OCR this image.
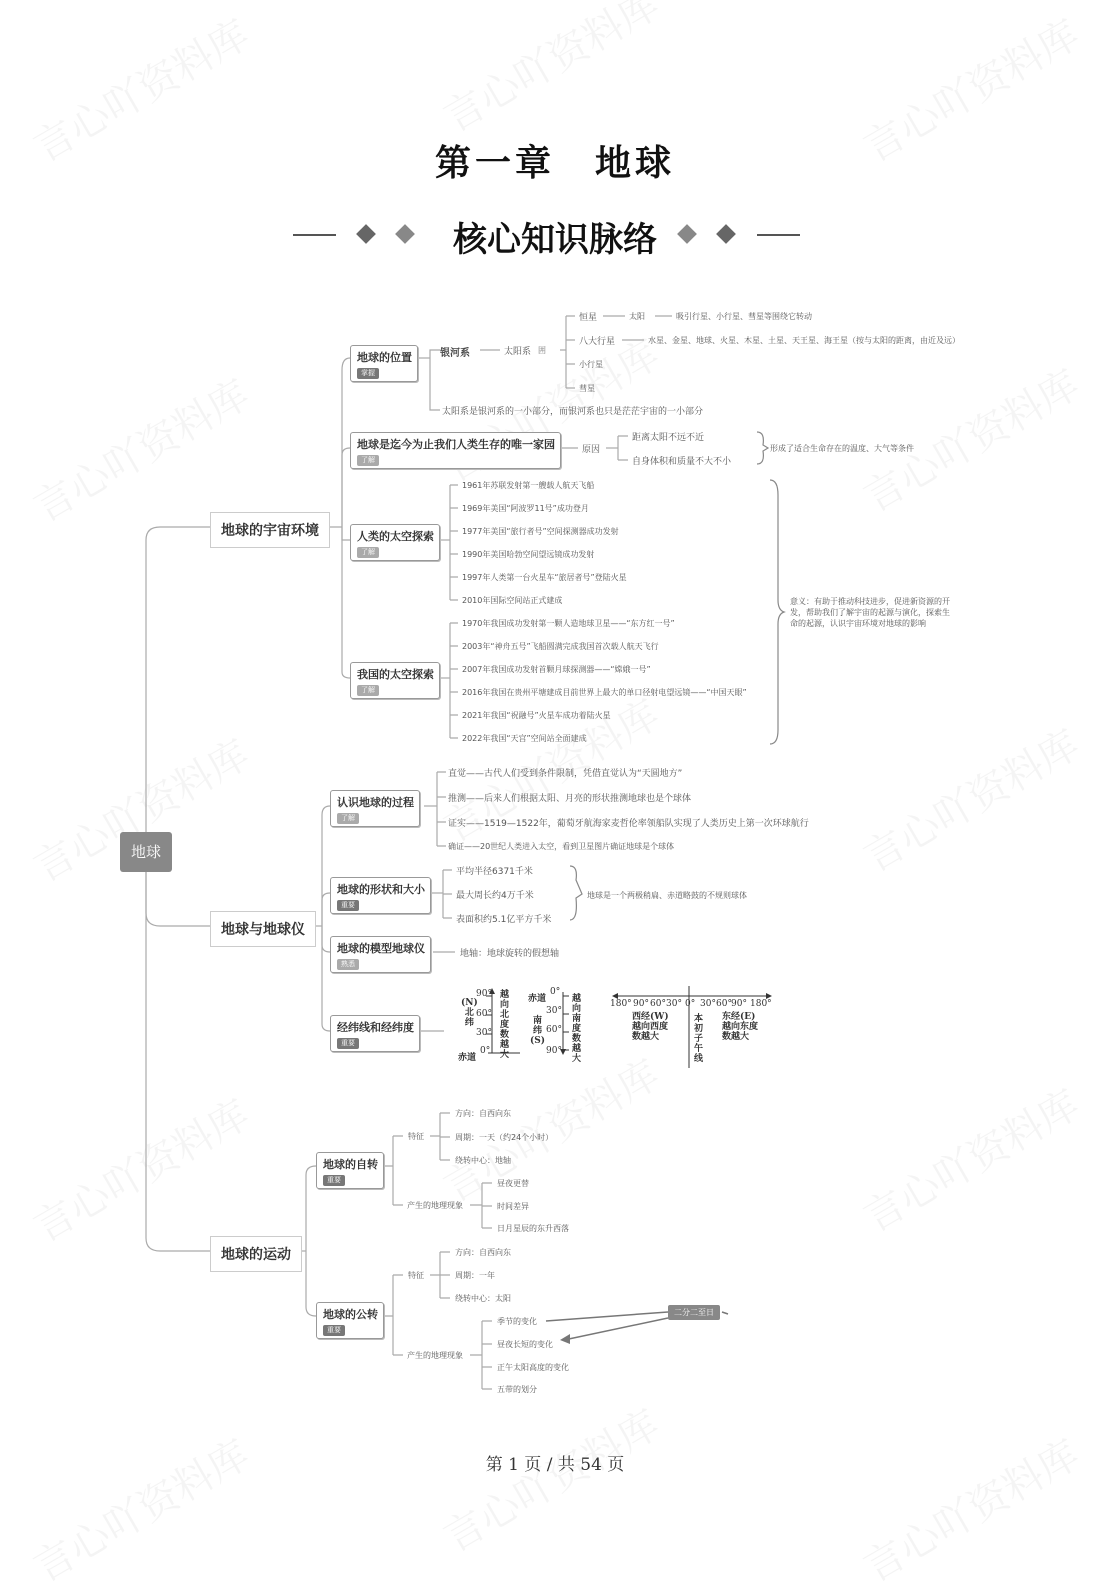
第一章　地球
核心知识脉络
地球
地球的宇宙环境
地球与地球仪
地球的运动
地球的位置
掌握
银河系	太阳系 囲
恒星	太阳	吸引行星、小行星、彗星等围绕它转动
八大行星	水星、金星、地球、火星、木星、土星、天王星、海王星（按与太阳的距离，由近及远）
小行星
彗星
太阳系是银河系的一小部分，而银河系也只是茫茫宇宙的一小部分
地球是迄今为止我们人类生存的唯一家园
了解
原因
距离太阳不远不近
自身体积和质量不大不小
形成了适合生命存在的温度、大气等条件
人类的太空探索
了解
1961年苏联发射第一艘载人航天飞船
1969年美国“阿波罗11号”成功登月
1977年美国“旅行者号”空间探测器成功发射
1990年美国哈勃空间望远镜成功发射
1997年人类第一台火星车“旅居者号”登陆火星
2010年国际空间站正式建成
我国的太空探索
了解
1970年我国成功发射第一颗人造地球卫星——“东方红一号”
2003年“神舟五号”飞船圆满完成我国首次载人航天飞行
2007年我国成功发射首颗月球探测器——“嫦娥一号”
2016年我国在贵州平塘建成目前世界上最大的单口径射电望远镜——“中国天眼”
2021年我国“祝融号”火星车成功着陆火星
2022年我国“天宫”空间站全面建成
意义：有助于推动科技进步，促进新资源的开发，帮助我们了解宇宙的起源与演化，探索生命的起源，认识宇宙环境对地球的影响
认识地球的过程
了解
直觉——古代人们受到条件限制，凭借直觉认为“天圆地方”
推测——后来人们根据太阳、月亮的形状推测地球也是个球体
证实——1519—1522年，葡萄牙航海家麦哲伦率领船队实现了人类历史上第一次环球航行
确证——20世纪人类进入太空，看到卫星图片确证地球是个球体
地球的形状和大小
重要
平均半径6371千米
最大周长约4万千米
表面积约5.1亿平方千米
地球是一个两极稍扁、赤道略鼓的不规则球体
地球的模型地球仪
熟悉
地轴：地球旋转的假想轴
经纬线和经纬度
重要
90°
60°
30°
0°
(N)
北
纬
赤道
越向北度数越大
赤道
0°
30°
60°
90°
南
纬
(S)
越向南度数越大
180° 90° 60° 30° 0° 30° 60° 90° 180°
西经(W)
越向西度
数越大
本
初
子
午
线
东经(E)
越向东度
数越大
地球的自转
重要
特征
方向：自西向东
周期：一天（约24个小时）
绕转中心：地轴
产生的地理现象
昼夜更替
时间差异
日月星辰的东升西落
地球的公转
重要
特征
方向：自西向东
周期：一年
绕转中心：太阳
产生的地理现象
季节的变化
昼夜长短的变化
正午太阳高度的变化
五带的划分
二分二至日
第 1 页 / 共 54 页
